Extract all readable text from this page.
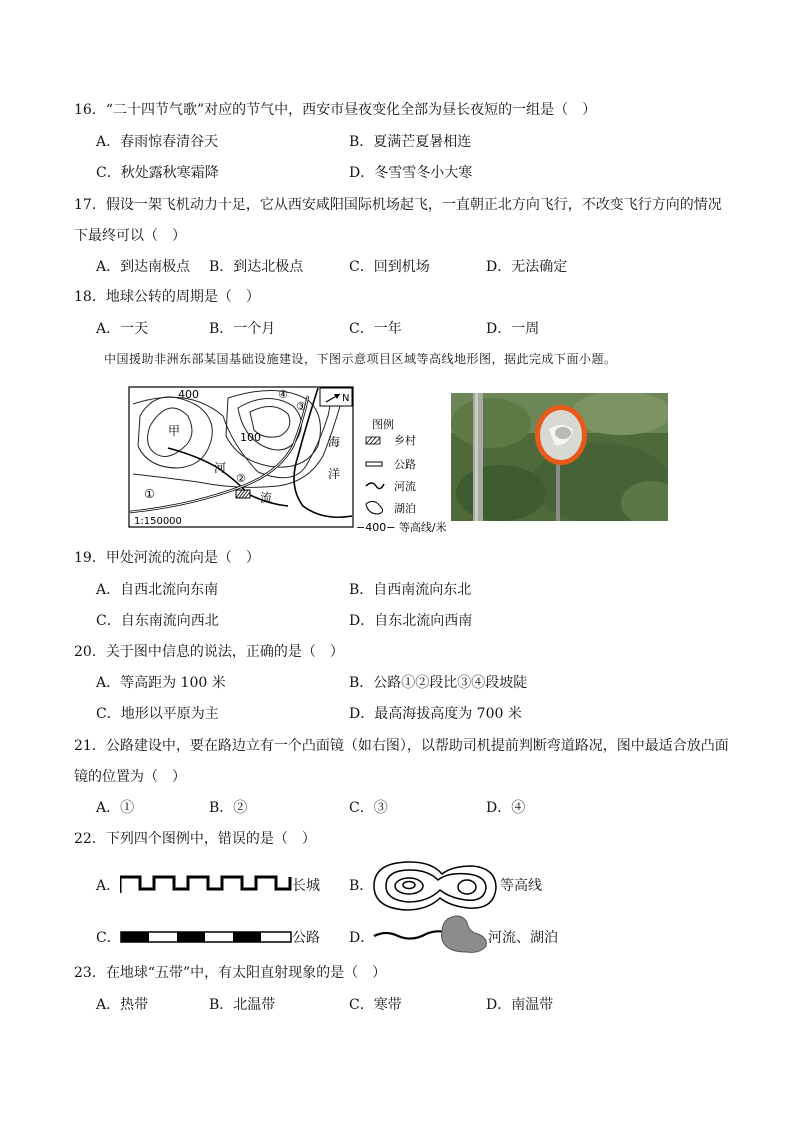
16．“二十四节气歌”对应的节气中，西安市昼夜变化全部为昼长夜短的一组是（　）
A．春雨惊春清谷天	B．夏满芒夏暑相连
C．秋处露秋寒霜降	D．冬雪雪冬小大寒
17．假设一架飞机动力十足，它从西安咸阳国际机场起飞，一直朝正北方向飞行，不改变飞行方向的情况
下最终可以（　）
A．到达南极点 B．到达北极点	C．回到机场	D．无法确定
18．地球公转的周期是（　）
A．一天	B．一个月	C．一年	D．一周
中国援助非洲东部某国基础设施建设，下图示意项目区域等高线地形图，据此完成下面小题。
N
400
100
甲
河
流
海
洋
①
②
③
④
1:150000
图例
乡村
公路
河流
湖泊
−400− 等高线/米
19．甲处河流的流向是（　）
A．自西北流向东南	B．自西南流向东北
C．自东南流向西北	D．自东北流向西南
20．关于图中信息的说法，正确的是（　）
A．等高距为 100 米	B．公路①②段比③④段坡陡
C．地形以平原为主	D．最高海拔高度为 700 米
21．公路建设中，要在路边立有一个凸面镜（如右图），以帮助司机提前判断弯道路况，图中最适合放凸面
镜的位置为（　）
A．①	B．②	C．③	D．④
22．下列四个图例中，错误的是（　）
A．	长城 B．	等高线
C．	公路 D．	河流、湖泊
23．在地球“五带”中，有太阳直射现象的是（　）
A．热带	B．北温带	C．寒带	D．南温带
